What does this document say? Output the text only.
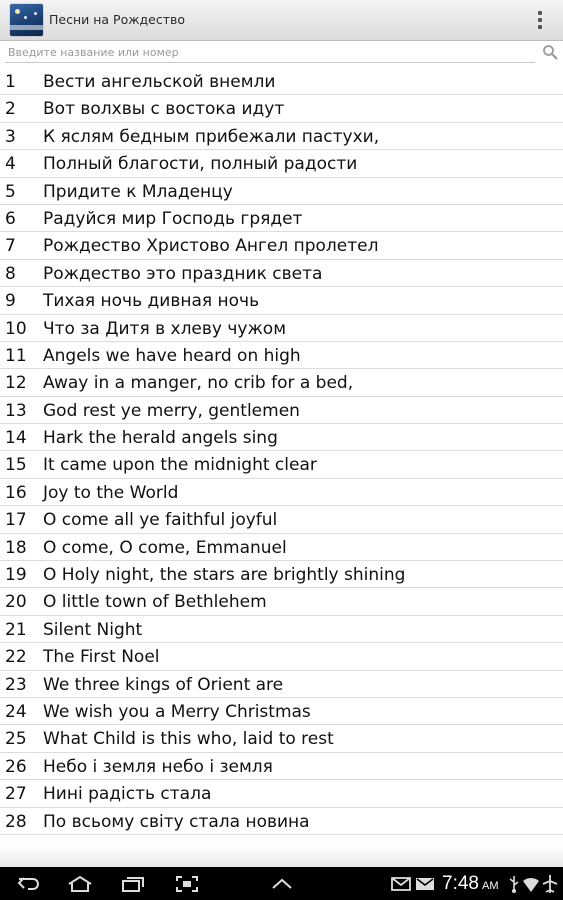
Песни на Рождество
Введите название или номер
1 Вести ангельской внемли
2 Вот волхвы с востока идут
3 К яслям бедным прибежали пастухи,
4 Полный благости, полный радости
5 Придите к Младенцу
6 Радуйся мир Господь грядет
7 Рождество Христово Ангел пролетел
8 Рождество это праздник света
9 Тихая ночь дивная ночь
10 Что за Дитя в хлеву чужом
11 Angels we have heard on high
12 Away in a manger, no crib for a bed,
13 God rest ye merry, gentlemen
14 Hark the herald angels sing
15 It came upon the midnight clear
16 Joy to the World
17 O come all ye faithful joyful
18 O come, O come, Emmanuel
19 O Holy night, the stars are brightly shining
20 O little town of Bethlehem
21 Silent Night
22 The First Noel
23 We three kings of Orient are
24 We wish you a Merry Christmas
25 What Child is this who, laid to rest
26 Небо і земля небо і земля
27 Нині радість стала
28 По всьому світу стала новина
7:48 AM
